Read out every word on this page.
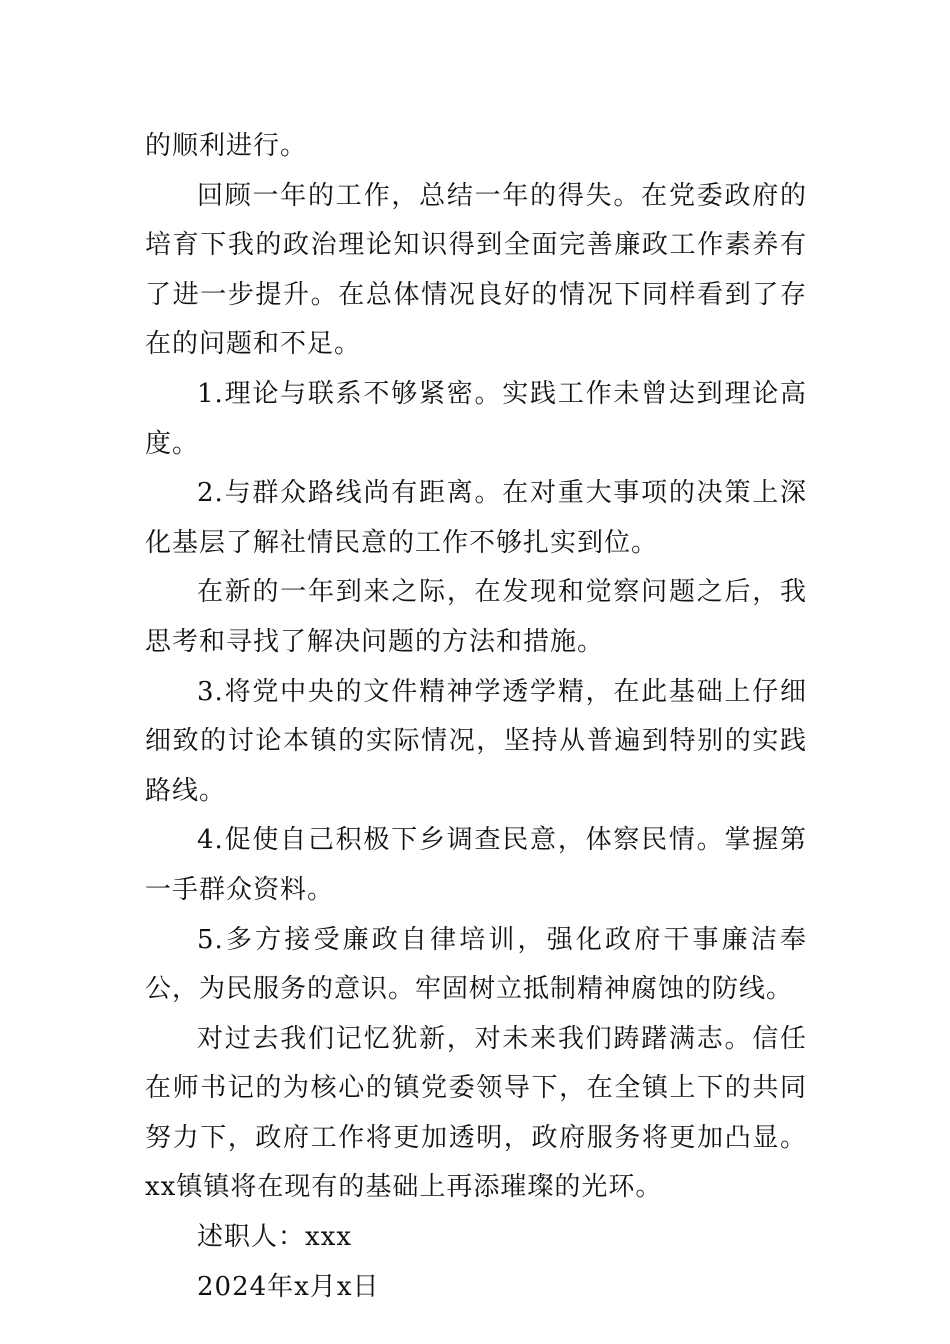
的顺利进行。

回顾一年的工作，总结一年的得失。在党委政府的培育下我的政治理论知识得到全面完善廉政工作素养有了进一步提升。在总体情况良好的情况下同样看到了存在的问题和不足。

1.理论与联系不够紧密。实践工作未曾达到理论高度。

2.与群众路线尚有距离。在对重大事项的决策上深化基层了解社情民意的工作不够扎实到位。

在新的一年到来之际，在发现和觉察问题之后，我思考和寻找了解决问题的方法和措施。

3.将党中央的文件精神学透学精，在此基础上仔细细致的讨论本镇的实际情况，坚持从普遍到特别的实践路线。

4.促使自己积极下乡调查民意，体察民情。掌握第一手群众资料。

5.多方接受廉政自律培训，强化政府干事廉洁奉公，为民服务的意识。牢固树立抵制精神腐蚀的防线。

对过去我们记忆犹新，对未来我们踌躇满志。信任在师书记的为核心的镇党委领导下，在全镇上下的共同努力下，政府工作将更加透明，政府服务将更加凸显。xx镇镇将在现有的基础上再添璀璨的光环。

述职人：xxx

2024年x月x日
